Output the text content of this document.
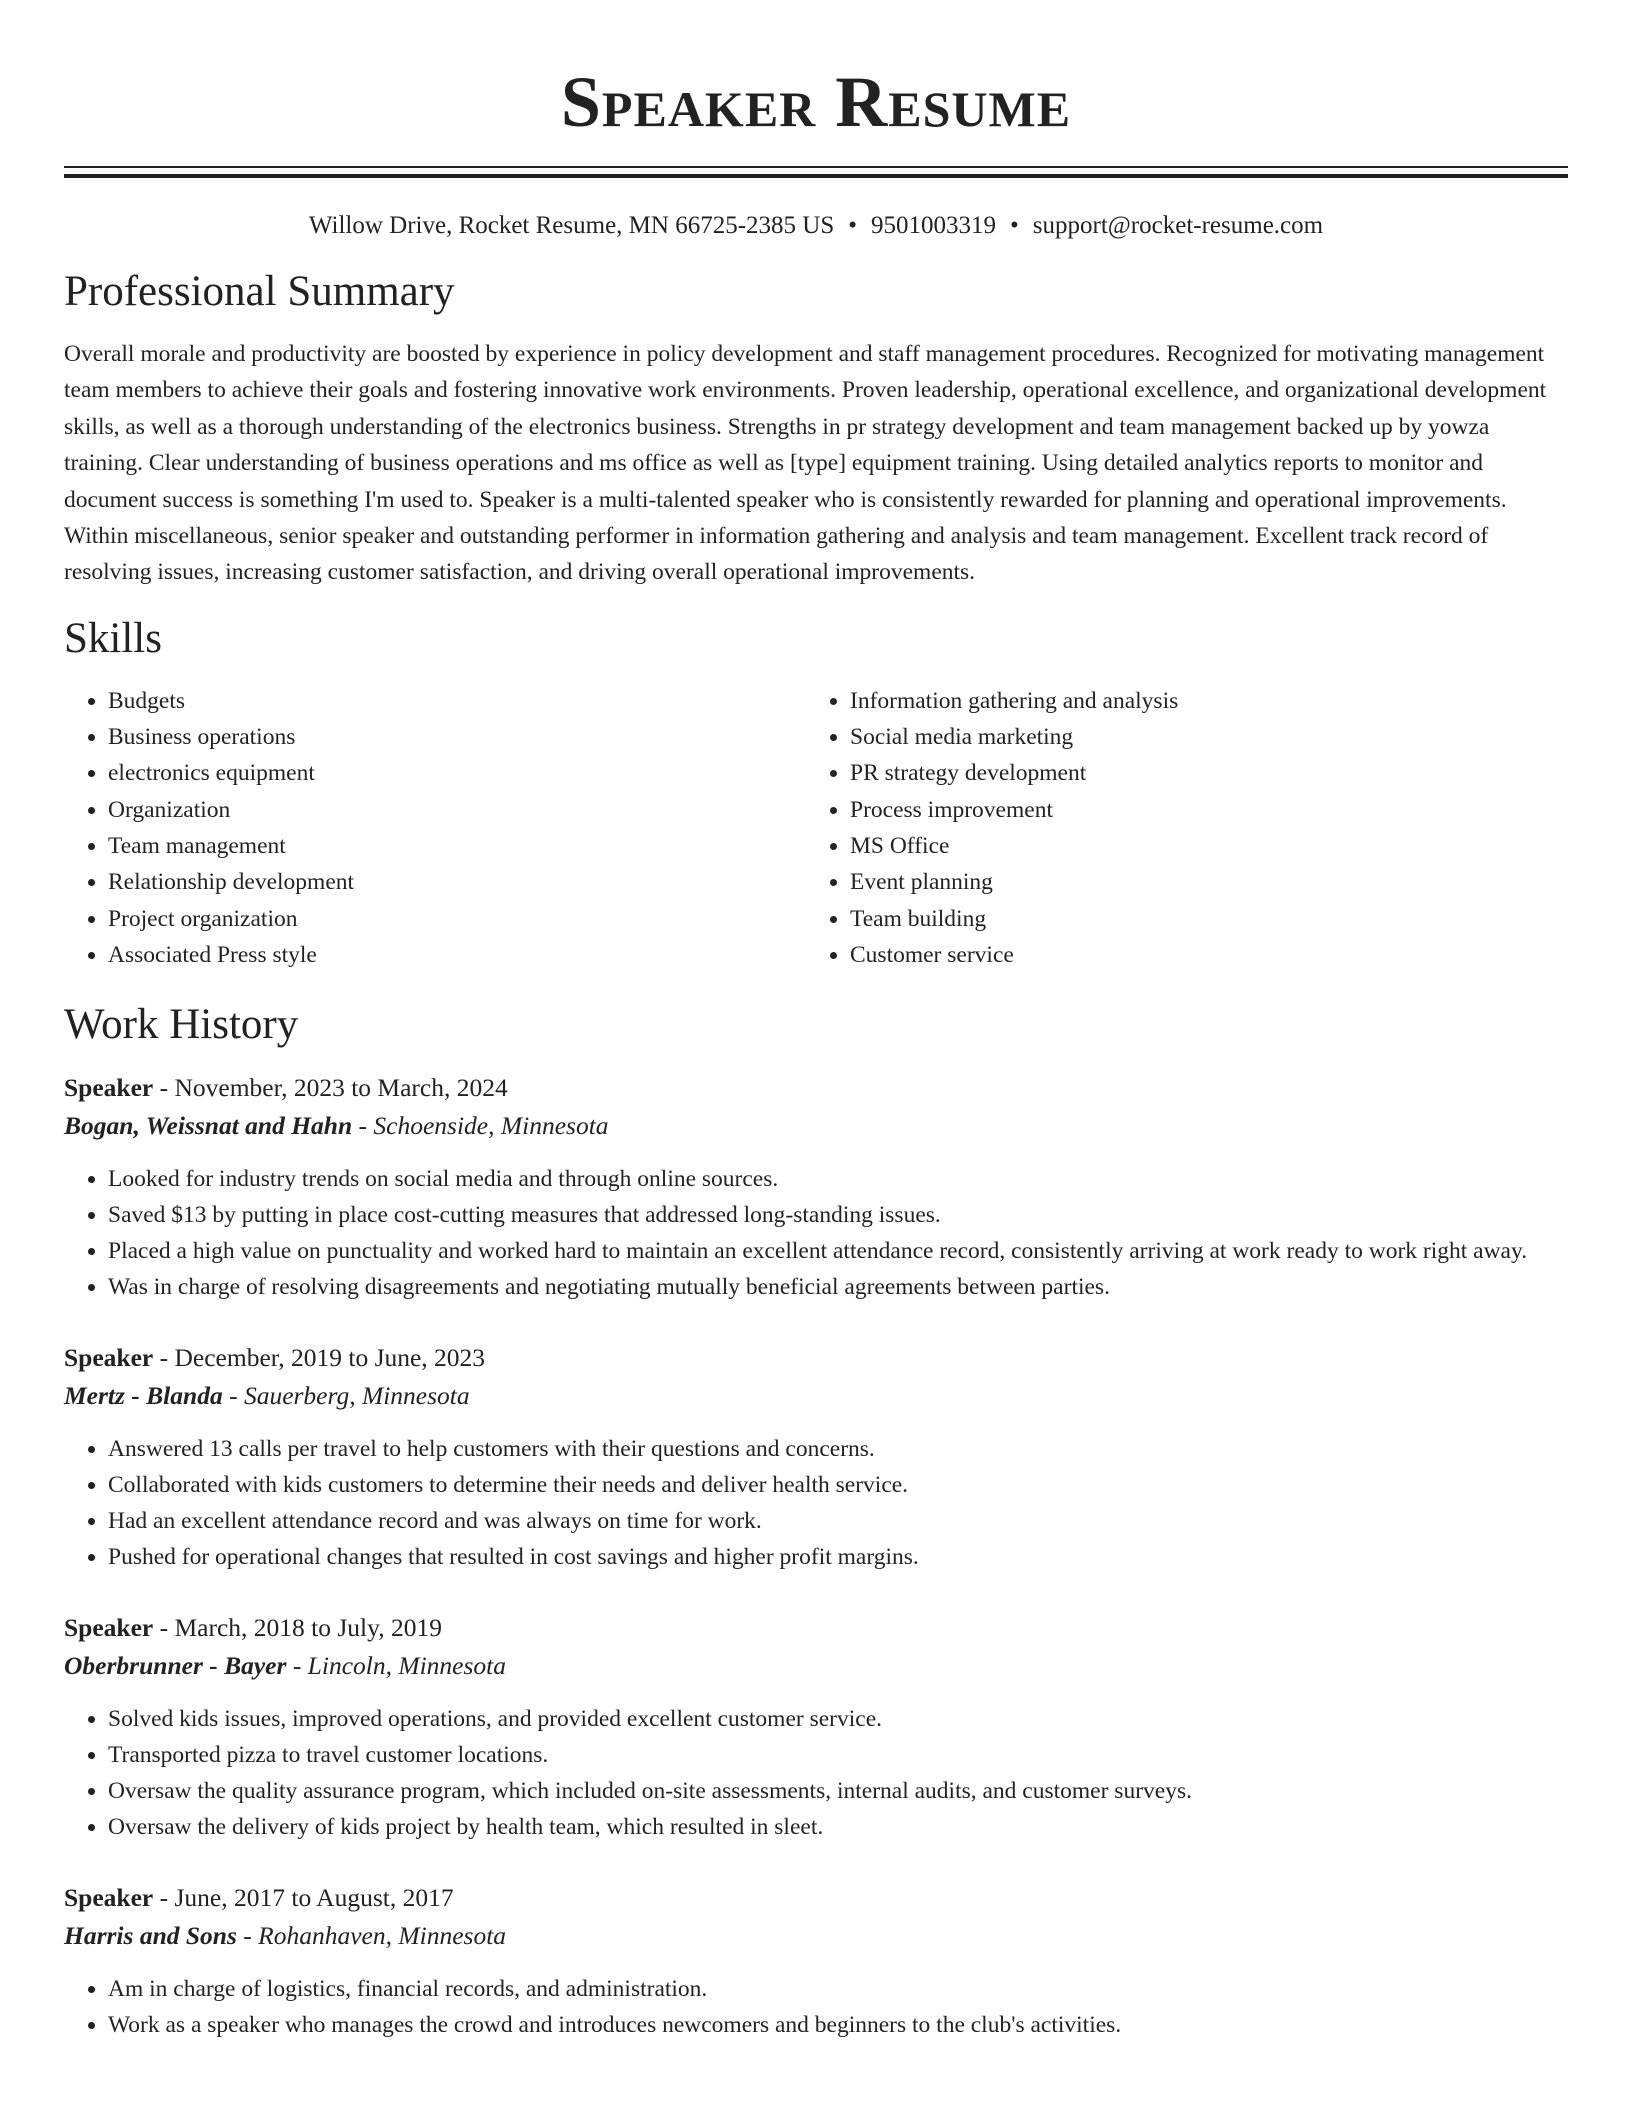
Speaker Resume
Willow Drive, Rocket Resume, MN 66725-2385 US • 9501003319 • support@rocket-resume.com
Professional Summary

Overall morale and productivity are boosted by experience in policy development and staff management procedures. Recognized for motivating management team members to achieve their goals and fostering innovative work environments. Proven leadership, operational excellence, and organizational development skills, as well as a thorough understanding of the electronics business. Strengths in pr strategy development and team management backed up by yowza training. Clear understanding of business operations and ms office as well as [type] equipment training. Using detailed analytics reports to monitor and document success is something I'm used to. Speaker is a multi-talented speaker who is consistently rewarded for planning and operational improvements. Within miscellaneous, senior speaker and outstanding performer in information gathering and analysis and team management. Excellent track record of resolving issues, increasing customer satisfaction, and driving overall operational improvements.

Skills
• Budgets
• Business operations
• electronics equipment
• Organization
• Team management
• Relationship development
• Project organization
• Associated Press style
• Information gathering and analysis
• Social media marketing
• PR strategy development
• Process improvement
• MS Office
• Event planning
• Team building
• Customer service
Work History
Speaker - November, 2023 to March, 2024
Bogan, Weissnat and Hahn - Schoenside, Minnesota
• Looked for industry trends on social media and through online sources.
• Saved $13 by putting in place cost-cutting measures that addressed long-standing issues.
• Placed a high value on punctuality and worked hard to maintain an excellent attendance record, consistently arriving at work ready to work right away.
• Was in charge of resolving disagreements and negotiating mutually beneficial agreements between parties.
Speaker - December, 2019 to June, 2023
Mertz - Blanda - Sauerberg, Minnesota
• Answered 13 calls per travel to help customers with their questions and concerns.
• Collaborated with kids customers to determine their needs and deliver health service.
• Had an excellent attendance record and was always on time for work.
• Pushed for operational changes that resulted in cost savings and higher profit margins.
Speaker - March, 2018 to July, 2019
Oberbrunner - Bayer - Lincoln, Minnesota
• Solved kids issues, improved operations, and provided excellent customer service.
• Transported pizza to travel customer locations.
• Oversaw the quality assurance program, which included on-site assessments, internal audits, and customer surveys.
• Oversaw the delivery of kids project by health team, which resulted in sleet.
Speaker - June, 2017 to August, 2017
Harris and Sons - Rohanhaven, Minnesota
• Am in charge of logistics, financial records, and administration.
• Work as a speaker who manages the crowd and introduces newcomers and beginners to the club's activities.
